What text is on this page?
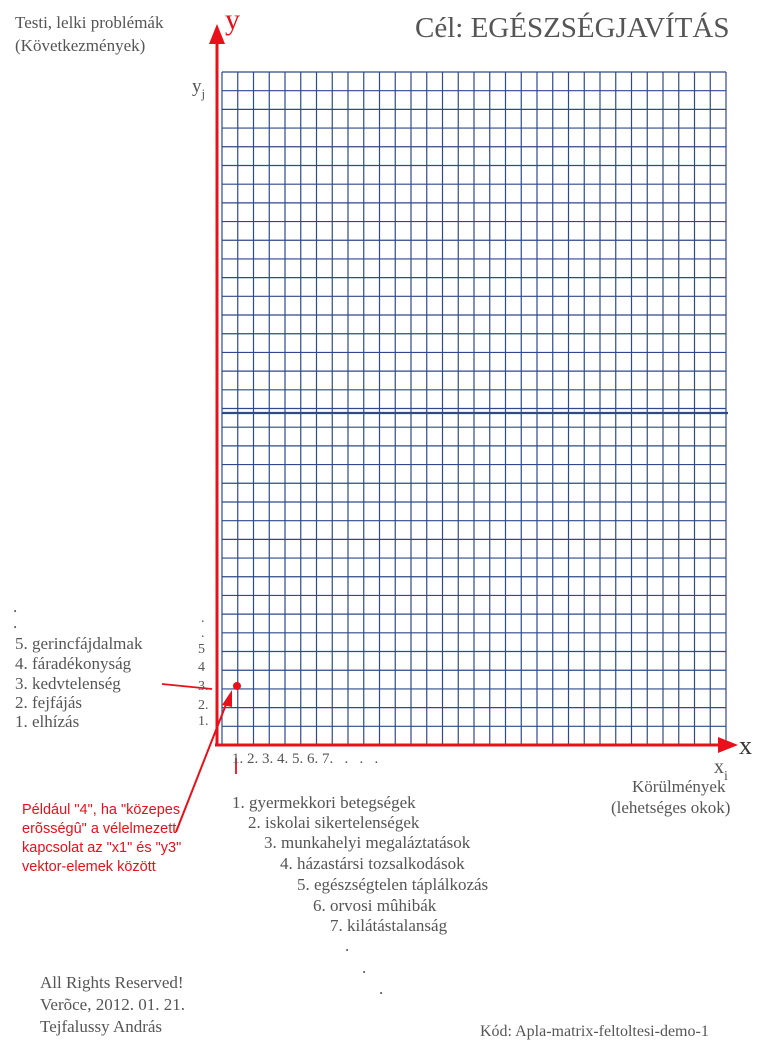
Cél: EGÉSZSÉGJAVÍTÁS
Testi, lelki problémák
(Következmények)
y
$y_j$
.
.
5. gerincfájdalmak
4. fáradékonyság
3. kedvtelenség
2. fejfájás
1. elhízás
.
.
5
4
3.
2.
1.
x
$x_i$
1. 2. 3. 4. 5. 6. 7.   .   .   .
Körülmények
(lehetséges okok)
1. gyermekkori betegségek
2. iskolai sikertelenségek
3. munkahelyi megaláztatások
4. házastársi tozsalkodások
5. egészségtelen táplálkozás
6. orvosi mûhibák
7. kilátástalanság
.
.
.
Például "4", ha "közepes
erõsségû" a vélelmezett
kapcsolat az "x1" és "y3"
vektor-elemek között
All Rights Reserved!
Verõce, 2012. 01. 21.
Tejfalussy András	Kód: Apla-matrix-feltoltesi-demo-1
